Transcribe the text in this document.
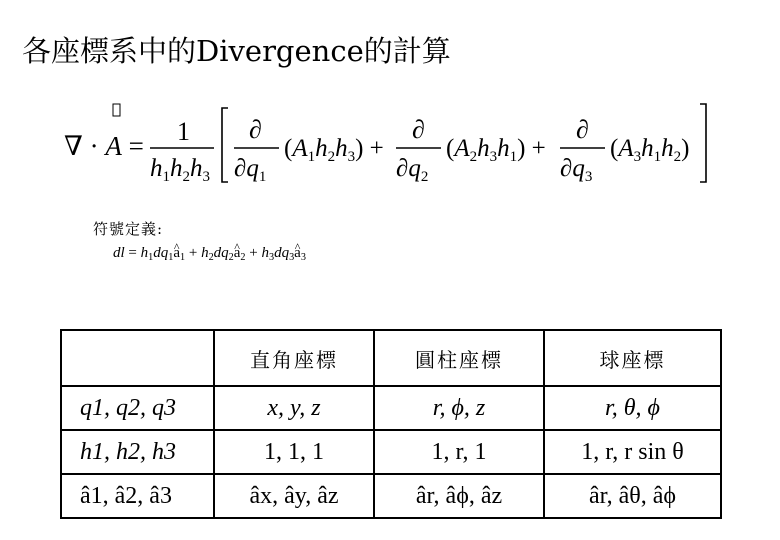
各座標系中的Divergence的計算
∇ · A = 1
$h_1h_2h_3$
∂
$\partial q_1$
$(A_1h_2h_3)$ +
∂
$\partial q_2$
$(A_2h_3h_1)$ +
∂
$\partial q_3$
$(A_3h_1h_2)$
符號定義:
dl = $h_1dq_1\^{}$ $a_1$ + $h_2dq_2\^{}$ $a_2$ + $h_3dq_3\^{}$ $a_3$
	直角座標	圓柱座標	球座標
q1, q2, q3	x, y, z	r, ϕ, z	r, θ, ϕ
h1, h2, h3	1, 1, 1	1, r, 1	1, r, r sin θ
â1, â2, â3	âx, ây, âz	âr, âϕ, âz	âr, âθ, âϕ
